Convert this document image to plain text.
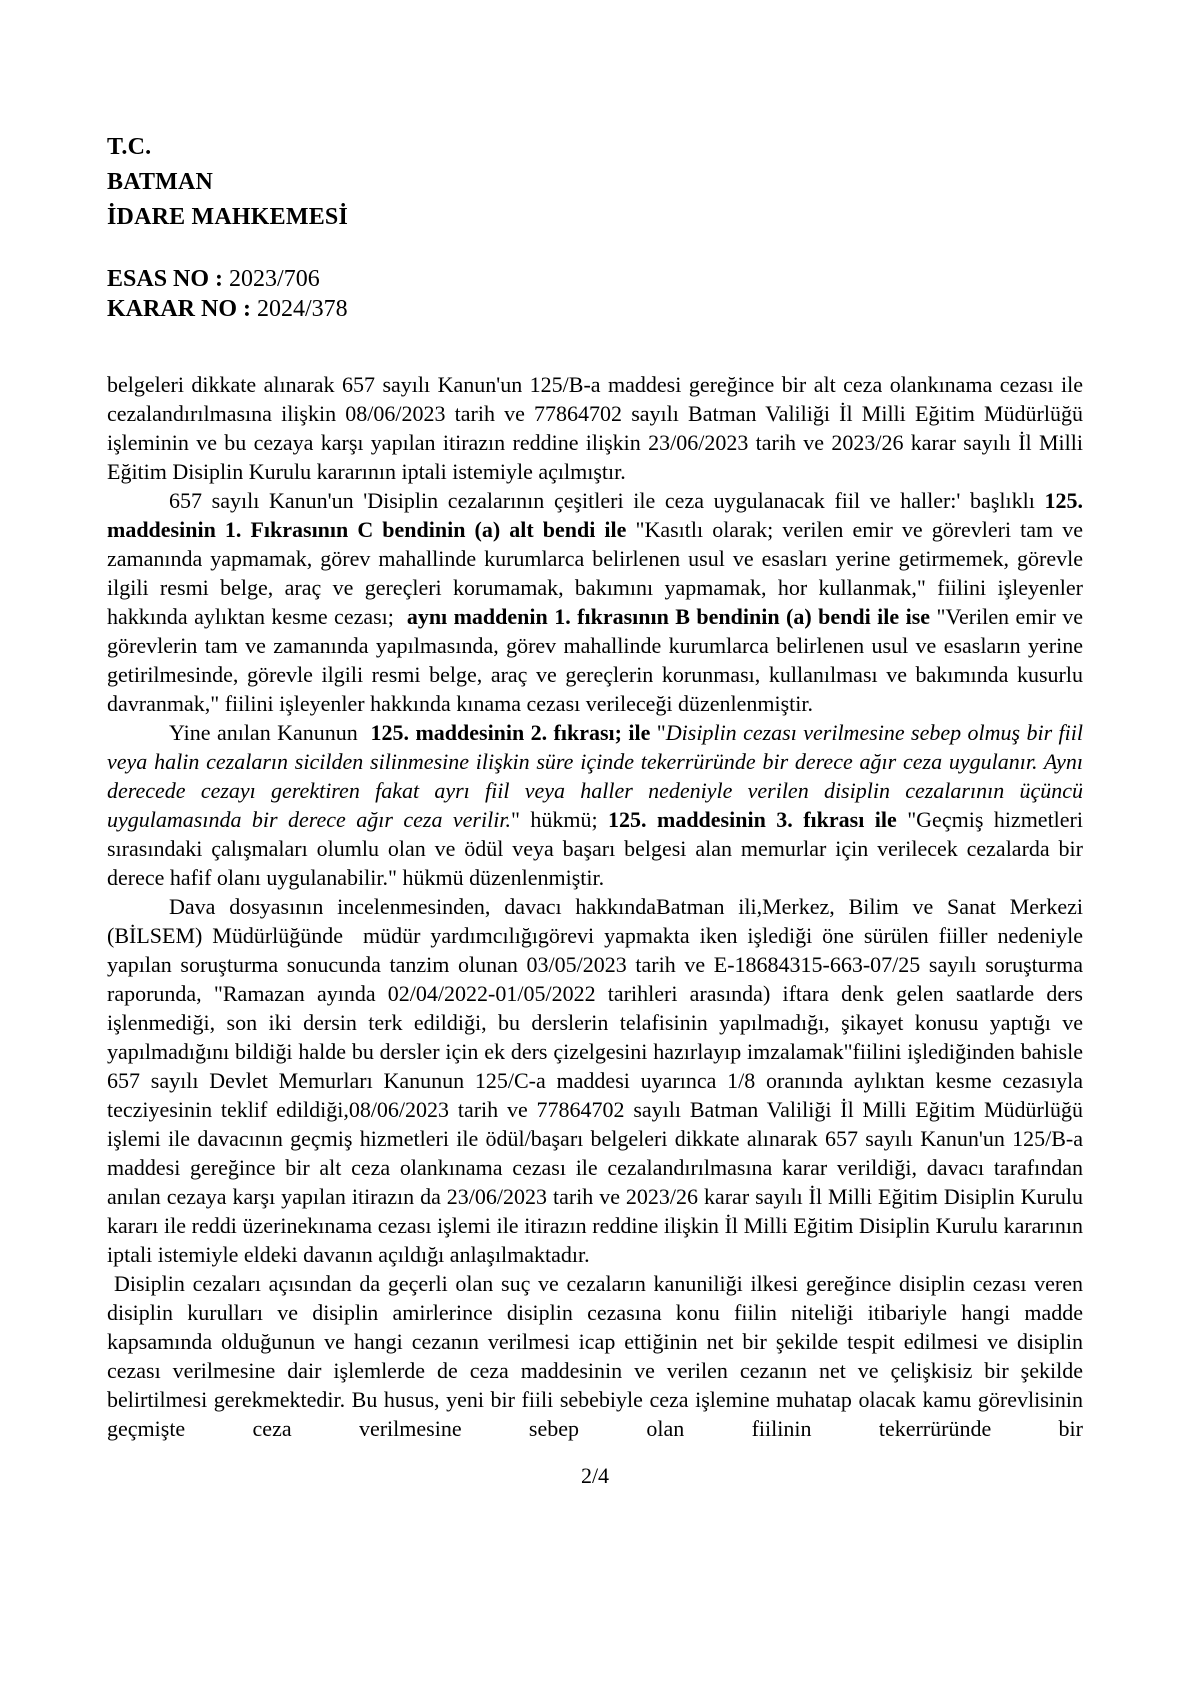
T.C.

BATMAN

İDARE MAHKEMESİ

ESAS NO : 2023/706

KARAR NO : 2024/378

belgeleri dikkate alınarak 657 sayılı Kanun'un 125/B-a maddesi gereğince bir alt ceza olankınama cezası ile cezalandırılmasına ilişkin 08/06/2023 tarih ve 77864702 sayılı Batman Valiliği İl Milli Eğitim Müdürlüğü işleminin ve bu cezaya karşı yapılan itirazın reddine ilişkin 23/06/2023 tarih ve 2023/26 karar sayılı İl Milli Eğitim Disiplin Kurulu kararının iptali istemiyle açılmıştır.

657 sayılı Kanun'un 'Disiplin cezalarının çeşitleri ile ceza uygulanacak fiil ve haller:' başlıklı 125. maddesinin 1. Fıkrasının C bendinin (a) alt bendi ile "Kasıtlı olarak; verilen emir ve görevleri tam ve zamanında yapmamak, görev mahallinde kurumlarca belirlenen usul ve esasları yerine getirmemek, görevle ilgili resmi belge, araç ve gereçleri korumamak, bakımını yapmamak, hor kullanmak," fiilini işleyenler hakkında aylıktan kesme cezası;  aynı maddenin 1. fıkrasının B bendinin (a) bendi ile ise "Verilen emir ve görevlerin tam ve zamanında yapılmasında, görev mahallinde kurumlarca belirlenen usul ve esasların yerine getirilmesinde, görevle ilgili resmi belge, araç ve gereçlerin korunması, kullanılması ve bakımında kusurlu davranmak," fiilini işleyenler hakkında kınama cezası verileceği düzenlenmiştir.

Yine anılan Kanunun  125. maddesinin 2. fıkrası; ile "Disiplin cezası verilmesine sebep olmuş bir fiil veya halin cezaların sicilden silinmesine ilişkin süre içinde tekerrüründe bir derece ağır ceza uygulanır. Aynı derecede cezayı gerektiren fakat ayrı fiil veya haller nedeniyle verilen disiplin cezalarının üçüncü uygulamasında bir derece ağır ceza verilir." hükmü; 125. maddesinin 3. fıkrası ile "Geçmiş hizmetleri sırasındaki çalışmaları olumlu olan ve ödül veya başarı belgesi alan memurlar için verilecek cezalarda bir derece hafif olanı uygulanabilir." hükmü düzenlenmiştir.

Dava dosyasının incelenmesinden, davacı hakkındaBatman ili,Merkez, Bilim ve Sanat Merkezi (BİLSEM) Müdürlüğünde  müdür yardımcılığıgörevi yapmakta iken işlediği öne sürülen fiiller nedeniyle yapılan soruşturma sonucunda tanzim olunan 03/05/2023 tarih ve E-18684315-663-07/25 sayılı soruşturma raporunda, "Ramazan ayında 02/04/2022-01/05/2022 tarihleri arasında) iftara denk gelen saatlarde ders işlenmediği, son iki dersin terk edildiği, bu derslerin telafisinin yapılmadığı, şikayet konusu yaptığı ve yapılmadığını bildiği halde bu dersler için ek ders çizelgesini hazırlayıp imzalamak"fiilini işlediğinden bahisle 657 sayılı Devlet Memurları Kanunun 125/C-a maddesi uyarınca 1/8 oranında aylıktan kesme cezasıyla tecziyesinin teklif edildiği,08/06/2023 tarih ve 77864702 sayılı Batman Valiliği İl Milli Eğitim Müdürlüğü işlemi ile davacının geçmiş hizmetleri ile ödül/başarı belgeleri dikkate alınarak 657 sayılı Kanun'un 125/B-a maddesi gereğince bir alt ceza olankınama cezası ile cezalandırılmasına karar verildiği, davacı tarafından anılan cezaya karşı yapılan itirazın da 23/06/2023 tarih ve 2023/26 karar sayılı İl Milli Eğitim Disiplin Kurulu kararı ile reddi üzerinekınama cezası işlemi ile itirazın reddine ilişkin İl Milli Eğitim Disiplin Kurulu kararının iptali istemiyle eldeki davanın açıldığı anlaşılmaktadır.

Disiplin cezaları açısından da geçerli olan suç ve cezaların kanuniliği ilkesi gereğince disiplin cezası veren disiplin kurulları ve disiplin amirlerince disiplin cezasına konu fiilin niteliği itibariyle hangi madde kapsamında olduğunun ve hangi cezanın verilmesi icap ettiğinin net bir şekilde tespit edilmesi ve disiplin cezası verilmesine dair işlemlerde de ceza maddesinin ve verilen cezanın net ve çelişkisiz bir şekilde belirtilmesi gerekmektedir. Bu husus, yeni bir fiili sebebiyle ceza işlemine muhatap olacak kamu görevlisinin geçmişte ceza verilmesine sebep olan fiilinin tekerrüründe bir

2/4
